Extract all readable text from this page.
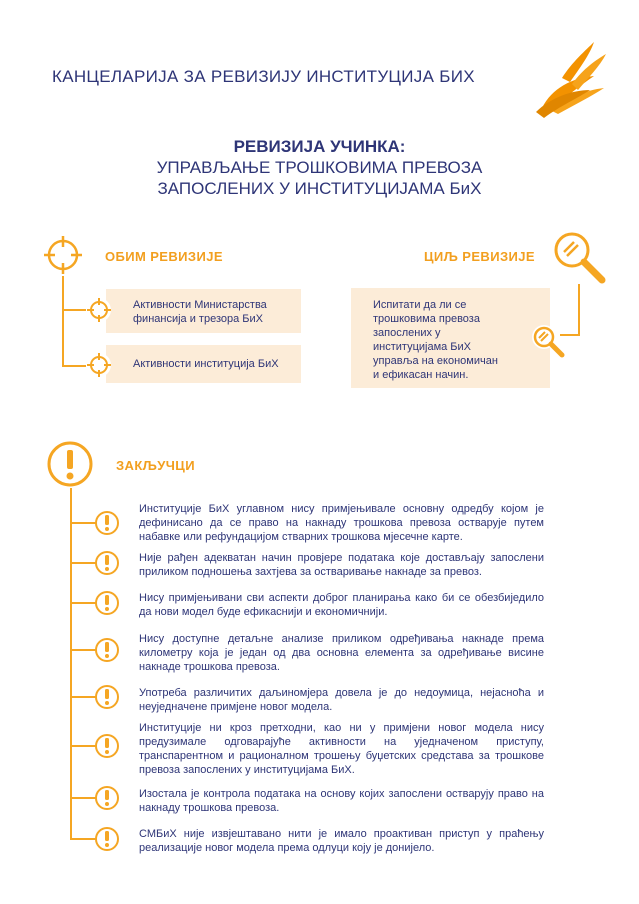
КАНЦЕЛАРИЈА ЗА РЕВИЗИЈУ ИНСТИТУЦИЈА БИХ
РЕВИЗИЈА УЧИНКА:
УПРАВЉАЊЕ ТРОШКОВИМА ПРЕВОЗА
ЗАПОСЛЕНИХ У ИНСТИТУЦИЈАМА БиХ
ОБИМ РЕВИЗИЈЕ
Активности Министарства
финансија и трезора БиХ
Активности институција БиХ
ЦИЉ РЕВИЗИЈЕ
Испитати да ли се
трошковима превоза
запослених у
институцијама БиХ
управља на економичан
и ефикасан начин.
ЗАКЉУЧЦИ
Институције БиХ углавном нису примјењивале основну одредбу којом је дефинисано да се право на накнаду трошкова превоза остварује путем набавке или рефундацијом стварних трошкова мјесечне карте.
Није рађен адекватан начин провјере података које достављају запослени приликом подношења захтјева за остваривање накнаде за превоз.
Нису примјењивани сви аспекти доброг планирања како би се обезбиједило да нови модел буде ефикаснији и економичнији.
Нису доступне детаљне анализе приликом одређивања накнаде према километру која је један од два основна елемента за одређивање висине накнаде трошкова превоза.
Употреба различитих даљиномјера довела је до недоумица, нејасноћа и неуједначене примјене новог модела.
Институције ни кроз претходни, као ни у примјени новог модела нису предузимале одговарајуће активности на уједначеном приступу, транспарентном и рационалном трошењу буџетских средстава за трошкове превоза запослених у институцијама БиХ.
Изостала је контрола података на основу којих запослени остварују право на накнаду трошкова превоза.
СМБиХ није извјештавано нити је имало проактиван приступ у праћењу реализације новог модела према одлуци коју је донијело.
